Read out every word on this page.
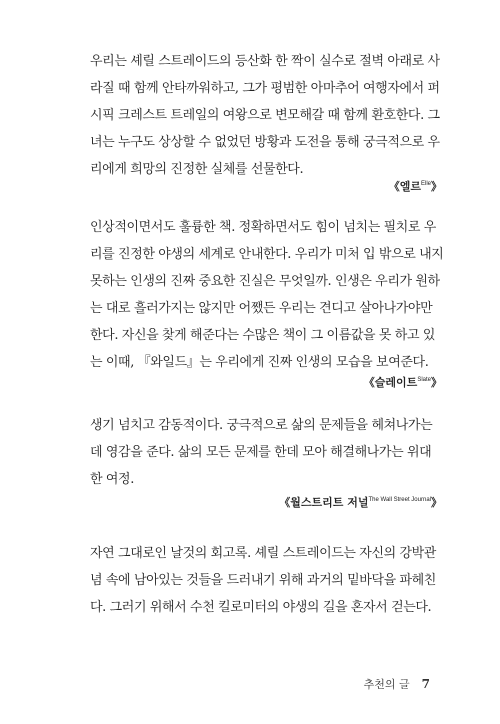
우리는 셰릴 스트레이드의 등산화 한 짝이 실수로 절벽 아래로 사
라질 때 함께 안타까워하고, 그가 평범한 아마추어 여행자에서 퍼
시픽 크레스트 트레일의 여왕으로 변모해갈 때 함께 환호한다. 그
녀는 누구도 상상할 수 없었던 방황과 도전을 통해 궁극적으로 우
리에게 희망의 진정한 실체를 선물한다.
《엘르$^{Elle}$》
인상적이면서도 훌륭한 책. 정확하면서도 힘이 넘치는 필치로 우
리를 진정한 야생의 세계로 안내한다. 우리가 미처 입 밖으로 내지
못하는 인생의 진짜 중요한 진실은 무엇일까. 인생은 우리가 원하
는 대로 흘러가지는 않지만 어쨌든 우리는 견디고 살아나가야만
한다. 자신을 찾게 해준다는 수많은 책이 그 이름값을 못 하고 있
는 이때, 『와일드』는 우리에게 진짜 인생의 모습을 보여준다.
《슬레이트$^{Slate}$》
생기 넘치고 감동적이다. 궁극적으로 삶의 문제들을 헤쳐나가는
데 영감을 준다. 삶의 모든 문제를 한데 모아 해결해나가는 위대
한 여정.
《월스트리트 저널$^{The Wall Street Journal}$》
자연 그대로인 날것의 회고록. 셰릴 스트레이드는 자신의 강박관
념 속에 남아있는 것들을 드러내기 위해 과거의 밑바닥을 파헤친
다. 그러기 위해서 수천 킬로미터의 야생의 길을 혼자서 걷는다.
추천의 글 7
